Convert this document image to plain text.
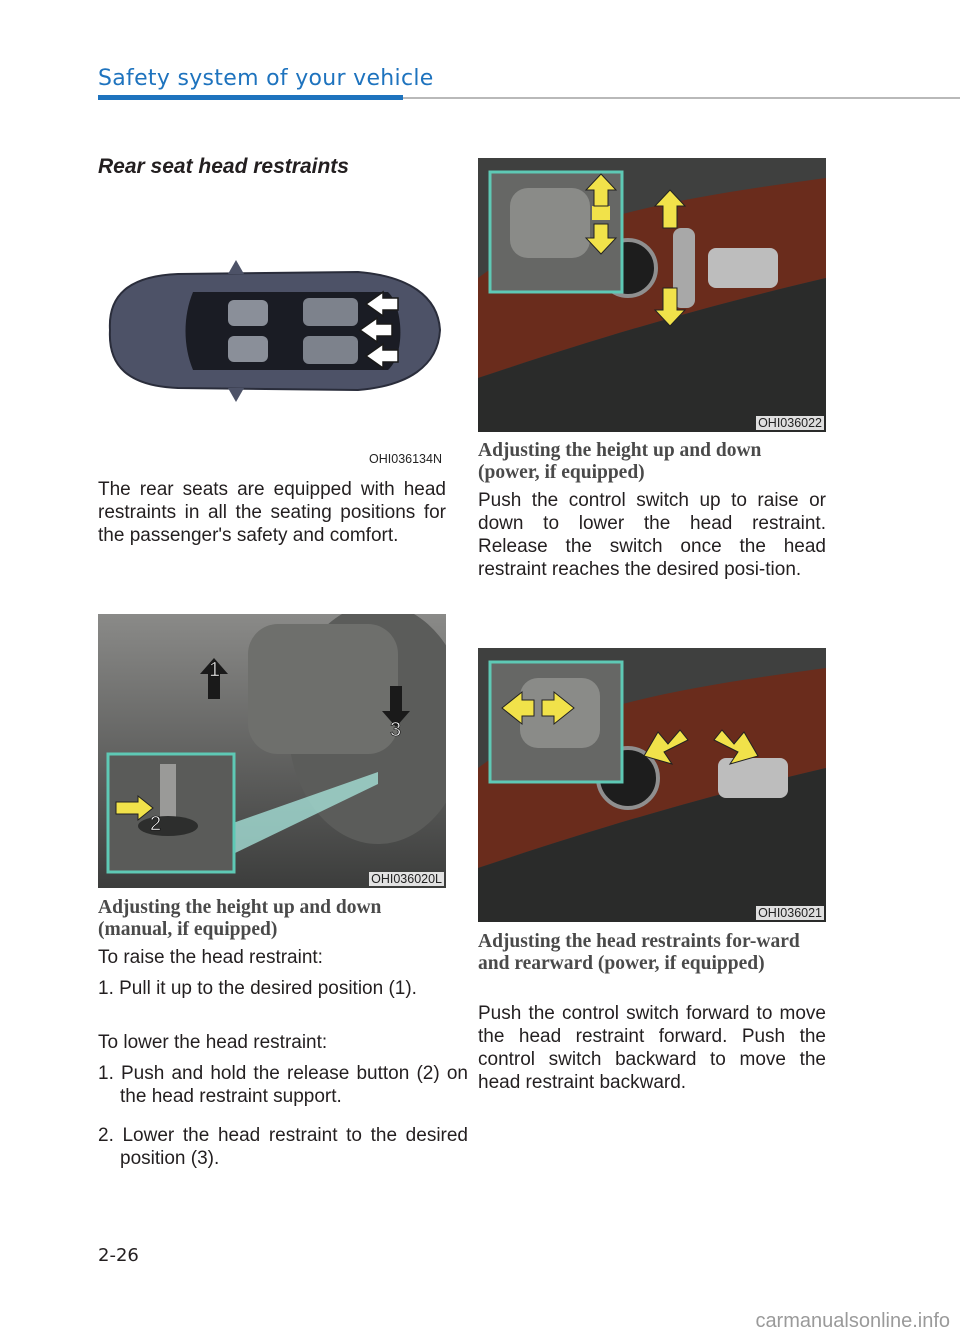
Safety system of your vehicle
Rear seat head restraints
OHI036134N
The rear seats are equipped with head restraints in all the seating positions for the passenger's safety and comfort.
1
2
3
OHI036020L
Adjusting the height up and down (manual, if equipped)
To raise the head restraint:
1. Pull it up to the desired position (1).
To lower the head restraint:
1. Push and hold the release button (2) on the head restraint support.
2. Lower the head restraint to the desired position (3).
OHI036022
Adjusting the height up and down (power, if equipped)
Push the control switch up to raise or down to lower the head restraint. Release the switch once the head restraint reaches the desired posi-tion.
OHI036021
Adjusting the head restraints for-ward and rearward (power, if equipped)
Push the control switch forward to move the head restraint forward. Push the control switch backward to move the head restraint backward.
2-26
carmanualsonline.info
